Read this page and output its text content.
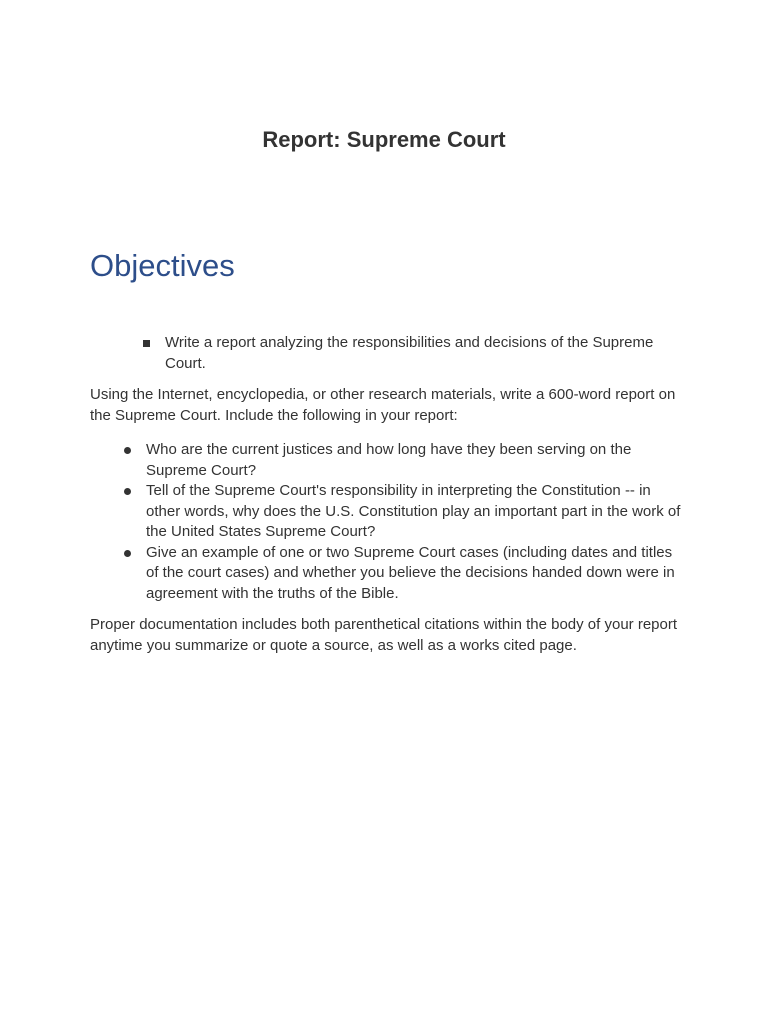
Report: Supreme Court
Objectives
Write a report analyzing the responsibilities and decisions of the Supreme Court.

Using the Internet, encyclopedia, or other research materials, write a 600-word report on the Supreme Court. Include the following in your report:

Who are the current justices and how long have they been serving on the Supreme Court?
Tell of the Supreme Court's responsibility in interpreting the Constitution -- in other words, why does the U.S. Constitution play an important part in the work of the United States Supreme Court?
Give an example of one or two Supreme Court cases (including dates and titles of the court cases) and whether you believe the decisions handed down were in agreement with the truths of the Bible.

Proper documentation includes both parenthetical citations within the body of your report anytime you summarize or quote a source, as well as a works cited page.
